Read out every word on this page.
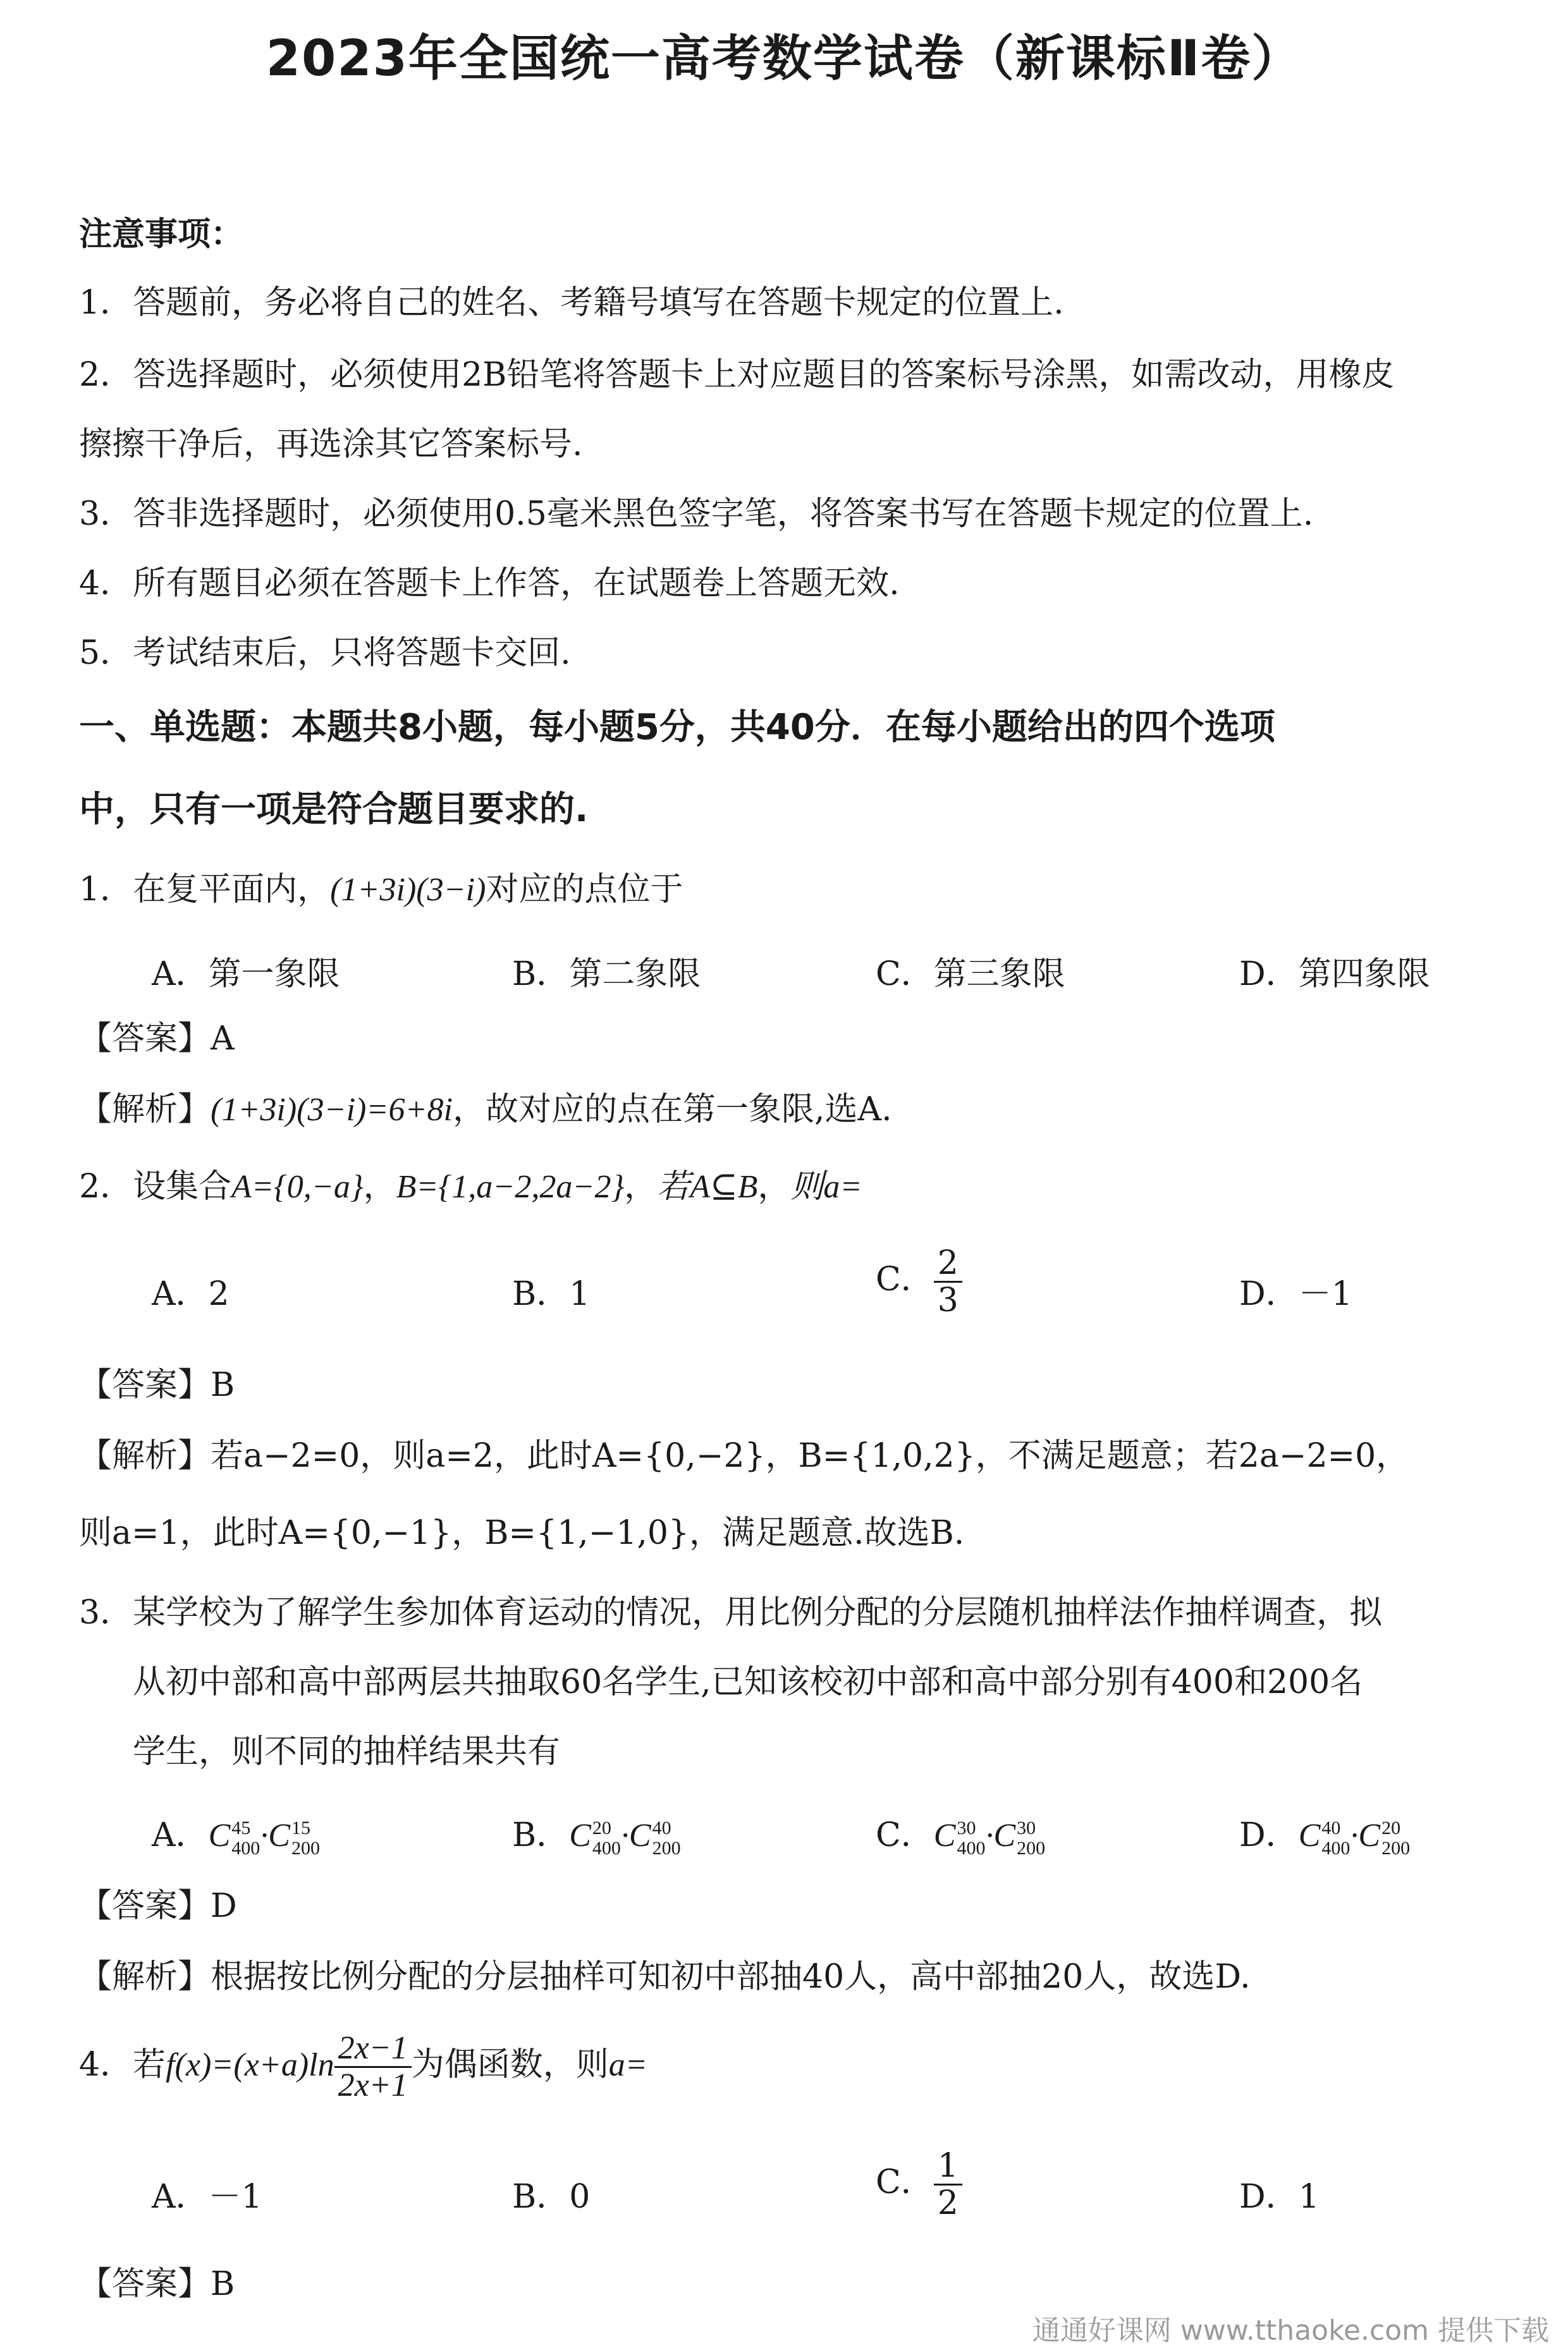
2023年全国统一高考数学试卷（新课标Ⅱ卷）
注意事项：
1．答题前，务必将自己的姓名、考籍号填写在答题卡规定的位置上.
2．答选择题时，必须使用2B铅笔将答题卡上对应题目的答案标号涂黑，如需改动，用橡皮
擦擦干净后，再选涂其它答案标号.
3．答非选择题时，必须使用0.5毫米黑色签字笔，将答案书写在答题卡规定的位置上.
4．所有题目必须在答题卡上作答，在试题卷上答题无效.
5．考试结束后，只将答题卡交回.
一、单选题：本题共8小题，每小题5分，共40分．在每小题给出的四个选项
中，只有一项是符合题目要求的.
1．在复平面内，(1+3i)(3−i)对应的点位于
A．第一象限	B．第二象限	C．第三象限	D．第四象限
【答案】A
【解析】(1+3i)(3−i)=6+8i，故对应的点在第一象限,选A.
2．设集合A={0,−a}，B={1,a−2,2a−2}，若A⊆B，则a=
A．2	B．1	C． $\frac{2}{3}$	D．－1
【答案】B
【解析】若a−2=0，则a=2，此时A={0,−2}，B={1,0,2}，不满足题意；若2a−2=0，
则a=1，此时A={0,−1}，B={1,−1,0}，满足题意.故选B.
3．某学校为了解学生参加体育运动的情况，用比例分配的分层随机抽样法作抽样调查，拟
从初中部和高中部两层共抽取60名学生,已知该校初中部和高中部分别有400和200名
学生，则不同的抽样结果共有
A．C 45
400 ·C 15
200	B．C 20
400 ·C 40
200	C．C 30
400 ·C 30
200	D．C 40
400 ·C 20
200
【答案】D
【解析】根据按比例分配的分层抽样可知初中部抽40人，高中部抽20人，故选D.
4．若$f(x)=(x+a)\ln \frac{2x-1}{2x+1}$ 为偶函数，则a=
A．－1	B．0	C． $\frac{1}{2}$	D．1
【答案】B
通通好课网 www.tthaoke.com 提供下载
